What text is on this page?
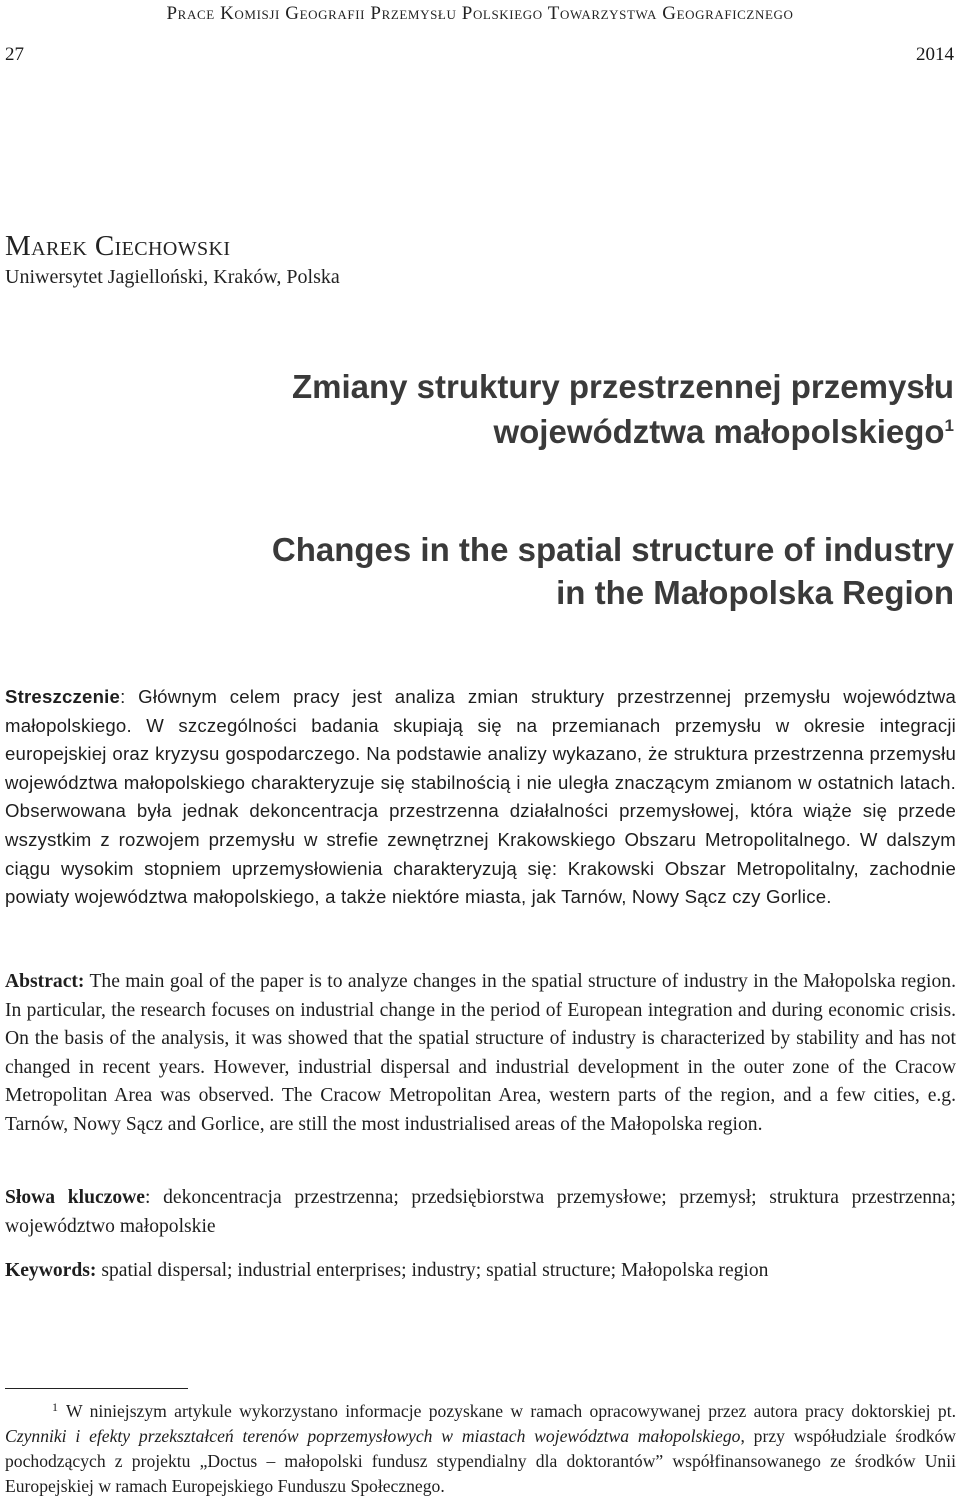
Prace Komisji Geografii Przemysłu Polskiego Towarzystwa Geograficznego
27	2014
Marek Ciechowski
Uniwersytet Jagielloński, Kraków, Polska
Zmiany struktury przestrzennej przemysłu
województwa małopolskiego$^1$
Changes in the spatial structure of industry
in the Małopolska Region
Streszczenie: Głównym celem pracy jest analiza zmian struktury przestrzennej przemysłu województwa małopolskiego. W szczególności badania skupiają się na przemianach przemysłu w okresie integracji europejskiej oraz kryzysu gospodarczego. Na podstawie analizy wykazano, że struktura przestrzenna przemysłu województwa małopolskiego charakteryzuje się stabilnością i nie uległa znaczącym zmianom w ostatnich latach. Obserwowana była jednak dekoncentracja przestrzenna działalności przemysłowej, która wiąże się przede wszystkim z rozwojem przemysłu w strefie zewnętrznej Krakowskiego Obszaru Metropolitalnego. W dalszym ciągu wysokim stopniem uprzemysłowienia charakteryzują się: Krakowski Obszar Metropolitalny, zachodnie powiaty województwa małopolskiego, a także niektóre miasta, jak Tarnów, Nowy Sącz czy Gorlice.
Abstract: The main goal of the paper is to analyze changes in the spatial structure of industry in the Małopolska region. In particular, the research focuses on industrial change in the period of European integration and during economic crisis. On the basis of the analysis, it was showed that the spatial structure of industry is characterized by stability and has not changed in recent years. However, industrial dispersal and industrial development in the outer zone of the Cracow Metropolitan Area was observed. The Cracow Metropolitan Area, western parts of the region, and a few cities, e.g. Tarnów, Nowy Sącz and Gorlice, are still the most industrialised areas of the Małopolska region.
Słowa kluczowe: dekoncentracja przestrzenna; przedsiębiorstwa przemysłowe; przemysł; struktura przestrzenna; województwo małopolskie
Keywords: spatial dispersal; industrial enterprises; industry; spatial structure; Małopolska region
$^1$ W niniejszym artykule wykorzystano informacje pozyskane w ramach opracowywanej przez autora pracy doktorskiej pt. Czynniki i efekty przekształceń terenów poprzemysłowych w miastach województwa małopolskiego, przy współudziale środków pochodzących z projektu „Doctus – małopolski fundusz stypendialny dla doktorantów” współfinansowanego ze środków Unii Europejskiej w ramach Europejskiego Funduszu Społecznego.
